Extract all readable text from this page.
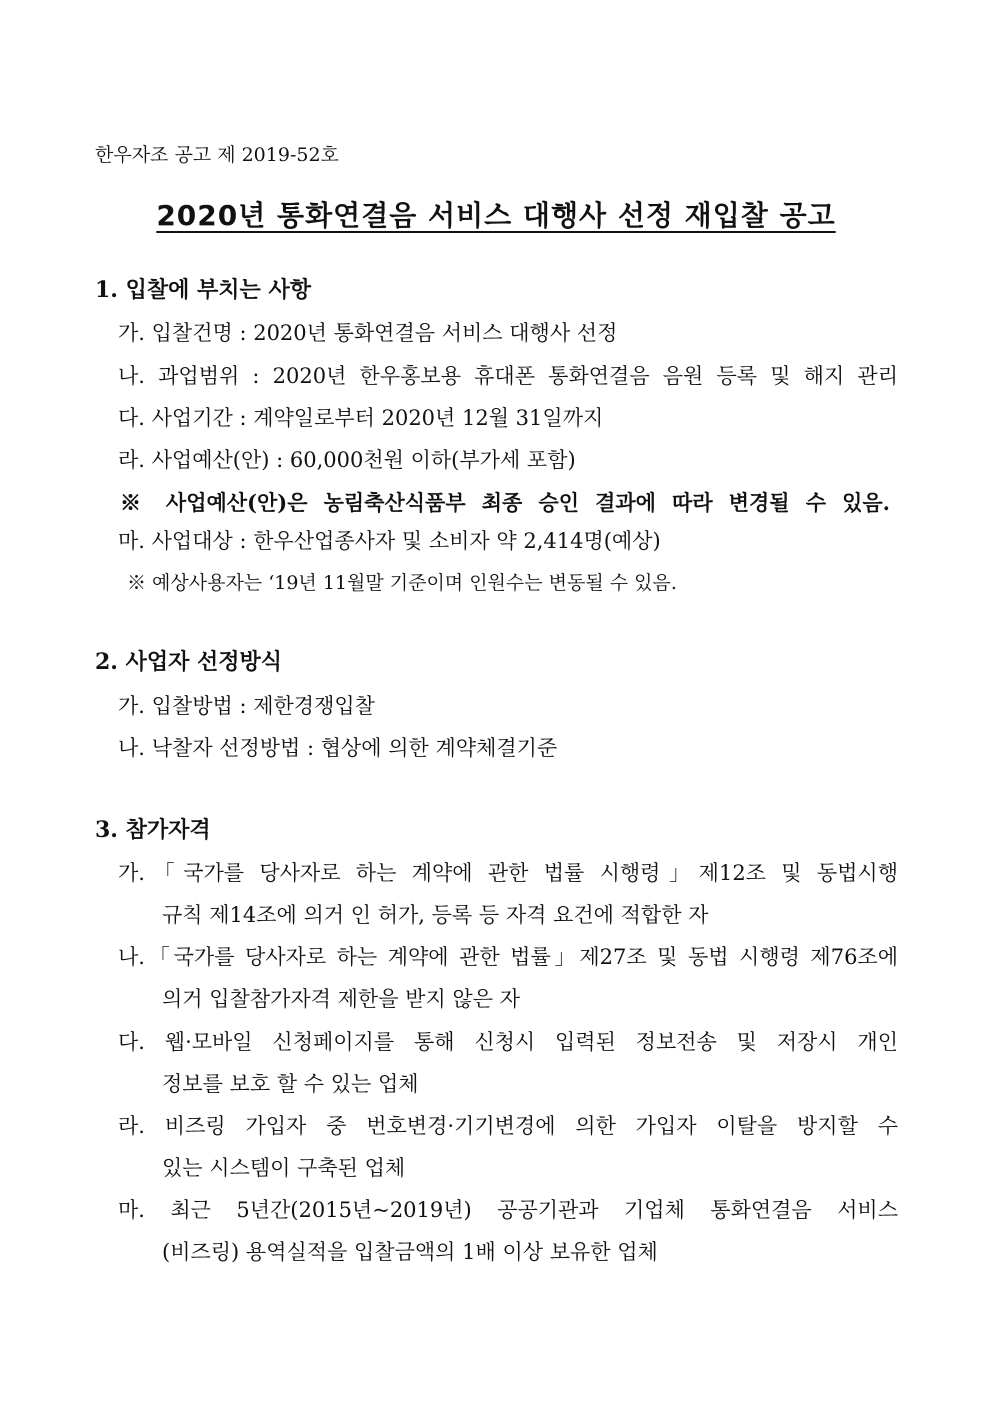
한우자조 공고 제 2019-52호
2020년 통화연결음 서비스 대행사 선정 재입찰 공고
1. 입찰에 부치는 사항
가. 입찰건명 : 2020년 통화연결음 서비스 대행사 선정
나. 과업범위 : 2020년 한우홍보용 휴대폰 통화연결음 음원 등록 및 해지 관리
다. 사업기간 : 계약일로부터 2020년 12월 31일까지
라. 사업예산(안) : 60,000천원 이하(부가세 포함)
※ 사업예산(안)은 농림축산식품부 최종 승인 결과에 따라 변경될 수 있음.
마. 사업대상 : 한우산업종사자 및 소비자 약 2,414명(예상)
※ 예상사용자는 ‘19년 11월말 기준이며 인원수는 변동될 수 있음.
2. 사업자 선정방식
가. 입찰방법 : 제한경쟁입찰
나. 낙찰자 선정방법 : 협상에 의한 계약체결기준
3. 참가자격
가.「국가를 당사자로 하는 계약에 관한 법률 시행령」제12조 및 동법시행
규칙 제14조에 의거 인 허가, 등록 등 자격 요건에 적합한 자
나.「국가를 당사자로 하는 계약에 관한 법률」제27조 및 동법 시행령 제76조에
의거 입찰참가자격 제한을 받지 않은 자
다. 웹·모바일 신청페이지를 통해 신청시 입력된 정보전송 및 저장시 개인
정보를 보호 할 수 있는 업체
라. 비즈링 가입자 중 번호변경·기기변경에 의한 가입자 이탈을 방지할 수
있는 시스템이 구축된 업체
마. 최근 5년간(2015년~2019년) 공공기관과 기업체 통화연결음 서비스
(비즈링) 용역실적을 입찰금액의 1배 이상 보유한 업체
